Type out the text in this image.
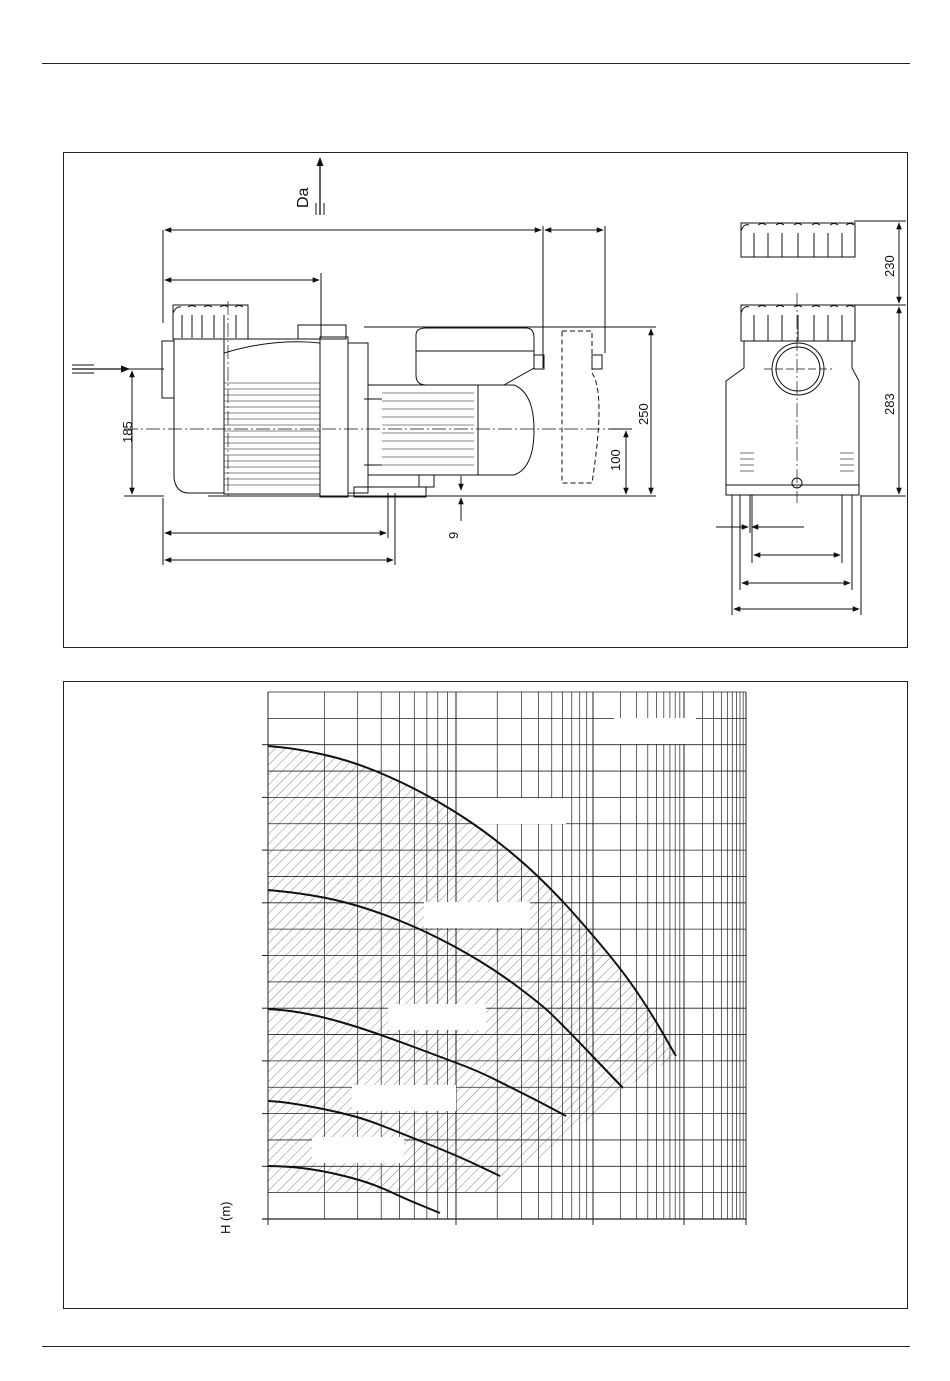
Da
185
250
100
9
230
283
H (m)
